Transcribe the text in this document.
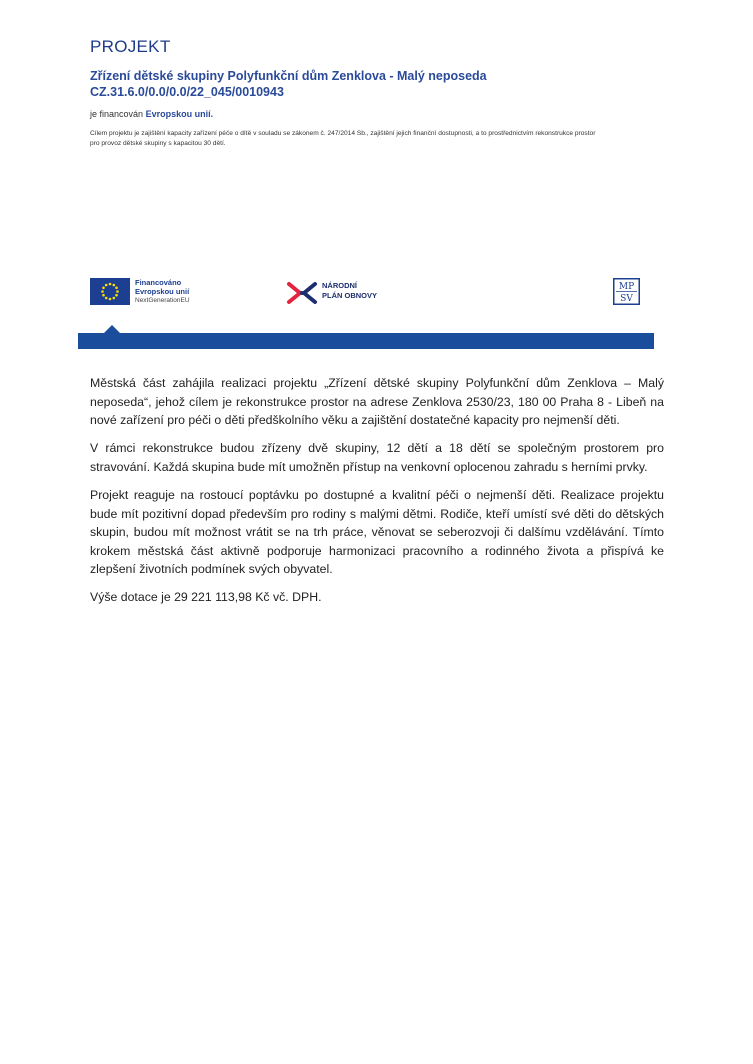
PROJEKT
Zřízení dětské skupiny Polyfunkční dům Zenklova - Malý neposeda
CZ.31.6.0/0.0/0.0/22_045/0010943
je financován Evropskou unií.
Cílem projektu je zajištění kapacity zařízení péče o dítě v souladu se zákonem č. 247/2014 Sb., zajištění jejich finanční dostupnosti, a to prostřednictvím rekonstrukce prostor
pro provoz dětské skupiny s kapacitou 30 dětí.
Financováno
Evropskou unií
NextGenerationEU
NÁRODNÍ
PLÁN OBNOVY
MP
SV
Městská část zahájila realizaci projektu „Zřízení dětské skupiny Polyfunkční dům Zenklova – Malý neposeda“, jehož cílem je rekonstrukce prostor na adrese Zenklova 2530/23, 180 00 Praha 8 - Libeň na nové zařízení pro péči o děti předškolního věku a zajištění dostatečné kapacity pro nejmenší děti.
V rámci rekonstrukce budou zřízeny dvě skupiny, 12 dětí a 18 dětí se společným prostorem pro stravování. Každá skupina bude mít umožněn přístup na venkovní oplocenou zahradu s herními prvky.
Projekt reaguje na rostoucí poptávku po dostupné a kvalitní péči o nejmenší děti. Realizace projektu bude mít pozitivní dopad především pro rodiny s malými dětmi. Rodiče, kteří umístí své děti do dětských skupin, budou mít možnost vrátit se na trh práce, věnovat se seberozvoji či dalšímu vzdělávání. Tímto krokem městská část aktivně podporuje harmonizaci pracovního a rodinného života a přispívá ke zlepšení životních podmínek svých obyvatel.
Výše dotace je 29 221 113,98 Kč vč. DPH.
